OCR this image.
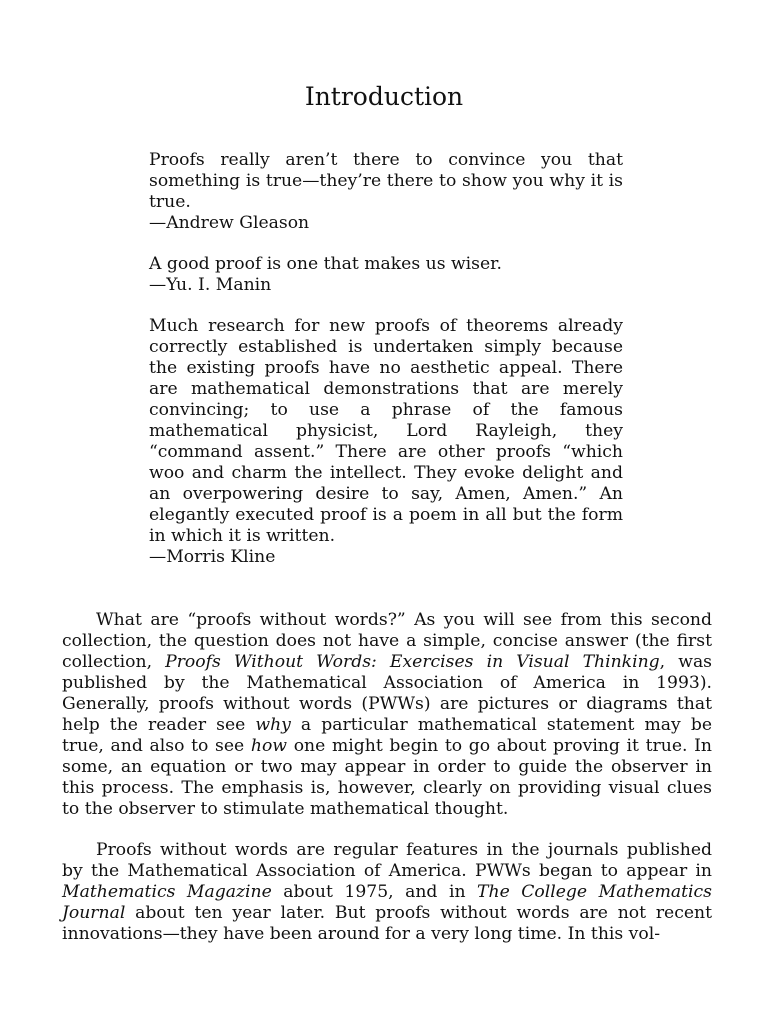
Introduction

Proofs really aren’t there to convince you that something is true—they’re there to show you why it is true.

—Andrew Gleason

A good proof is one that makes us wiser.

—Yu. I. Manin

Much research for new proofs of theorems already correctly established is undertaken simply because the existing proofs have no aesthetic appeal. There are mathematical demonstrations that are merely convincing; to use a phrase of the famous mathematical physicist, Lord Rayleigh, they “command assent.” There are other proofs “which woo and charm the intellect. They evoke delight and an overpowering desire to say, Amen, Amen.” An elegantly executed proof is a poem in all but the form in which it is written.

—Morris Kline

What are “proofs without words?” As you will see from this second collection, the question does not have a simple, concise answer (the first collection, Proofs Without Words: Exercises in Visual Thinking, was published by the Mathematical Association of America in 1993). Generally, proofs without words (PWWs) are pictures or diagrams that help the reader see why a particular mathematical statement may be true, and also to see how one might begin to go about proving it true. In some, an equation or two may appear in order to guide the observer in this process. The emphasis is, however, clearly on providing visual clues to the observer to stimulate mathematical thought.

Proofs without words are regular features in the journals published by the Mathematical Association of America. PWWs began to appear in Mathematics Magazine about 1975, and in The College Mathematics Journal about ten year later. But proofs without words are not recent innovations—they have been around for a very long time. In this vol-
